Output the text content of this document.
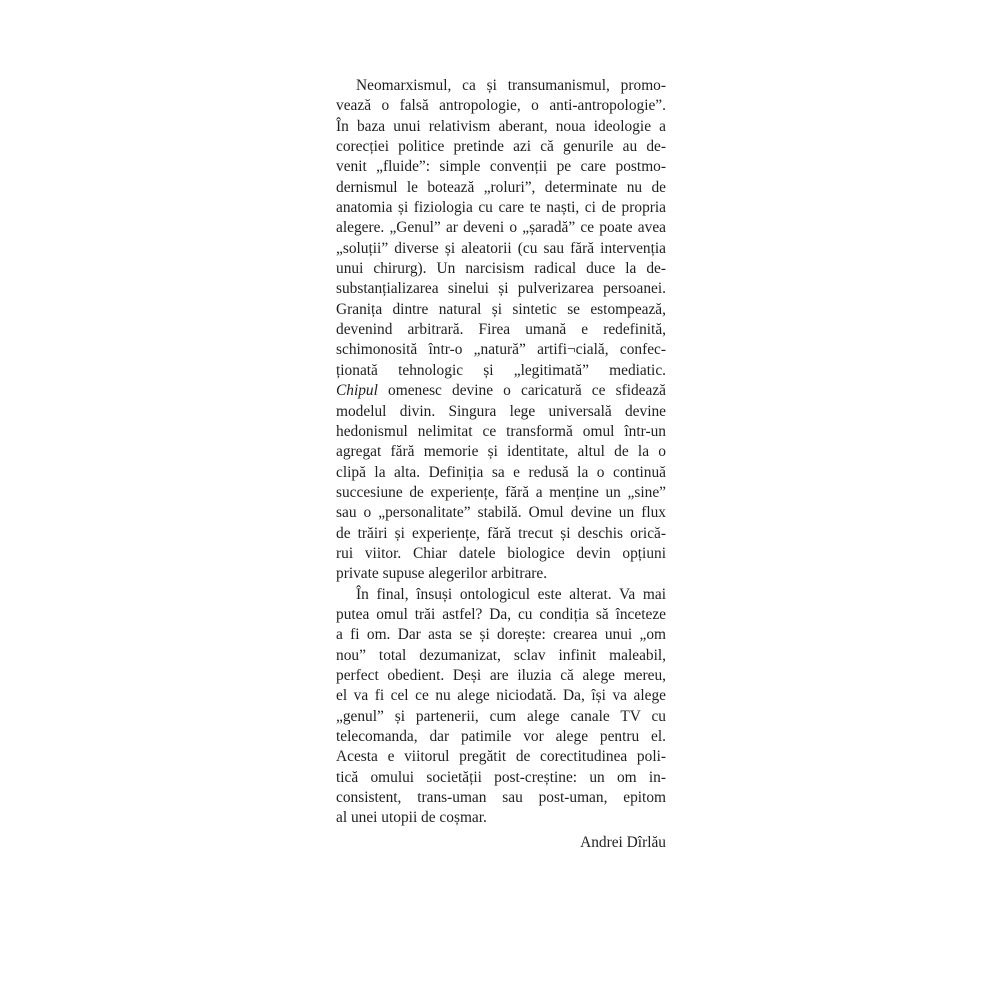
Neomarxismul, ca și transumanismul, promo-
vează o falsă antropologie, o anti-antropologie”.
În baza unui relativism aberant, noua ideologie a
corecției politice pretinde azi că genurile au de-
venit „fluide”: simple convenții pe care postmo-
dernismul le botează „roluri”, determinate nu de
anatomia și fiziologia cu care te naști, ci de propria
alegere. „Genul” ar deveni o „șaradă” ce poate avea
„soluții” diverse și aleatorii (cu sau fără intervenția
unui chirurg). Un narcisism radical duce la de-
substanțializarea sinelui și pulverizarea persoanei.
Granița dintre natural și sintetic se estompează,
devenind arbitrară. Firea umană e redefinită,
schimonosită într-o „natură” artifi¬cială, confec-
ționată tehnologic și „legitimată” mediatic.
Chipul omenesc devine o caricatură ce sfidează
modelul divin. Singura lege universală devine
hedonismul nelimitat ce transformă omul într-un
agregat fără memorie și identitate, altul de la o
clipă la alta. Definiția sa e redusă la o continuă
succesiune de experiențe, fără a menține un „sine”
sau o „personalitate” stabilă. Omul devine un flux
de trăiri și experiențe, fără trecut și deschis orică-
rui viitor. Chiar datele biologice devin opțiuni
private supuse alegerilor arbitrare.

În final, însuși ontologicul este alterat. Va mai
putea omul trăi astfel? Da, cu condiția să înceteze
a fi om. Dar asta se și dorește: crearea unui „om
nou” total dezumanizat, sclav infinit maleabil,
perfect obedient. Deși are iluzia că alege mereu,
el va fi cel ce nu alege niciodată. Da, își va alege
„genul” și partenerii, cum alege canale TV cu
telecomanda, dar patimile vor alege pentru el.
Acesta e viitorul pregătit de corectitudinea poli-
tică omului societății post-creștine: un om in-
consistent, trans-uman sau post-uman, epitom
al unei utopii de coșmar.

Andrei Dîrlău
